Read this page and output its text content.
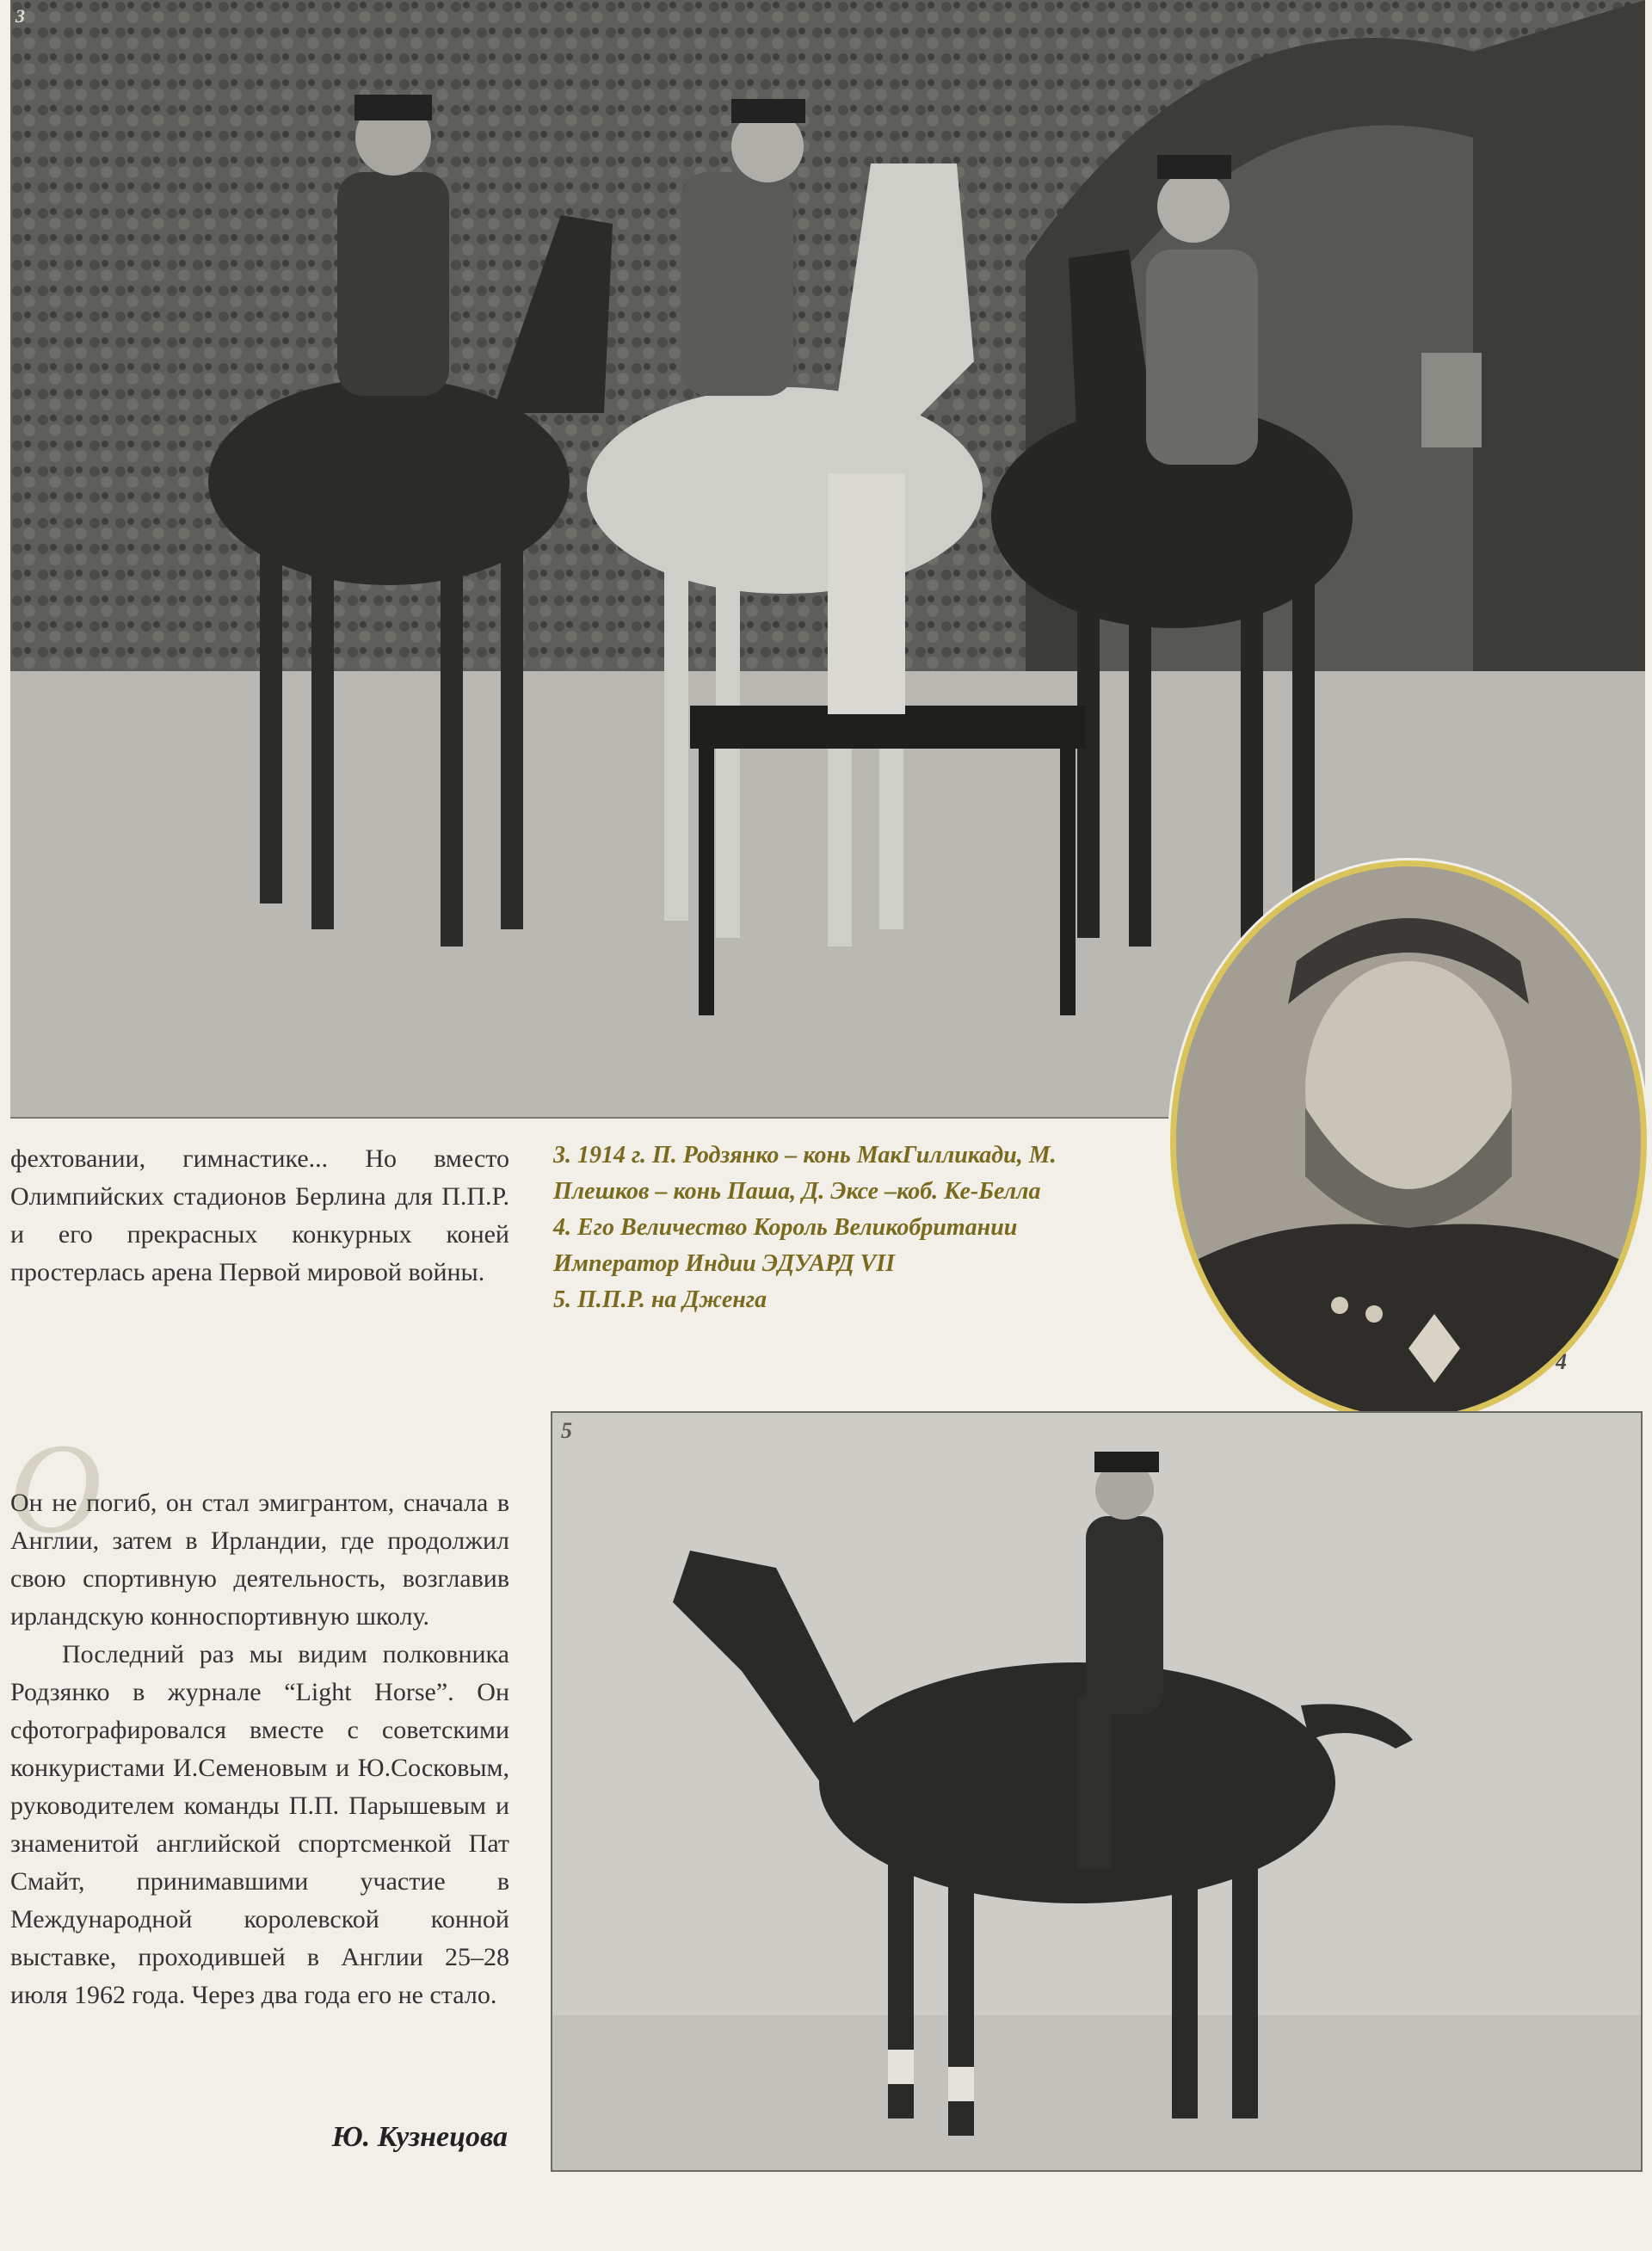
3
4
5

фехтовании, гимнастике... Но вместо Олимпийских стадионов Берлина для П.П.Р. и его прекрасных конкурных коней простерлась арена Первой мировой войны.

3. 1914 г. П. Родзянко – конь МакГилликади, М. Плешков – конь Паша, Д. Эксе –коб. Ке-Белла
4. Его Величество Король Великобритании Император Индии ЭДУАРД VII
5. П.П.Р. на Дженга
О

Он не погиб, он стал эмигрантом, сначала в Англии, затем в Ирландии, где продолжил свою спортивную деятельность, возглавив ирландскую конноспортивную школу.

Последний раз мы видим полковника Родзянко в журнале “Light Horse”. Он сфотографировался вместе с советскими конкуристами И.Семеновым и Ю.Сосковым, руководителем команды П.П. Парышевым и знаменитой английской спортсменкой Пат Смайт, принимавшими участие в Международной королевской конной выставке, проходившей в Англии 25–28 июля 1962 года. Через два года его не стало.

Ю. Кузнецова
